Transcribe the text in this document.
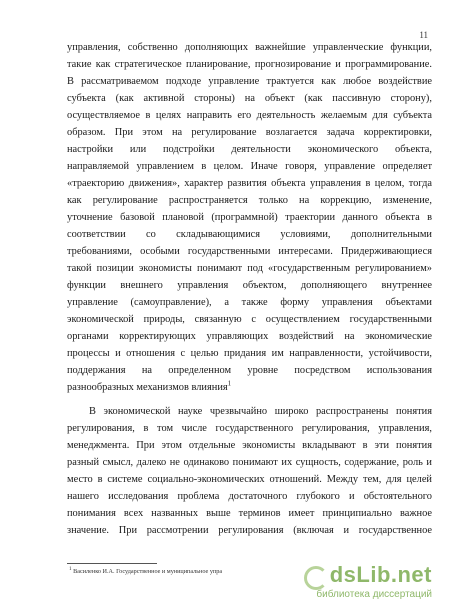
11
управления, собственно дополняющих важнейшие управленческие функции,
такие как стратегическое планирование, прогнозирование и программирование.
В рассматриваемом подходе управление трактуется как любое воздействие
субъекта (как активной стороны) на объект (как пассивную сторону),
осуществляемое в целях направить его деятельность желаемым для субъекта
образом. При этом на регулирование возлагается задача корректировки,
настройки или подстройки деятельности экономического объекта,
направляемой управлением в целом. Иначе говоря, управление определяет
«траекторию движения», характер развития объекта управления в целом, тогда
как регулирование распространяется только на коррекцию, изменение,
уточнение базовой плановой (программной) траектории данного объекта в
соответствии со складывающимися условиями, дополнительными
требованиями, особыми государственными интересами. Придерживающиеся
такой позиции экономисты понимают под «государственным регулированием»
функции внешнего управления объектом, дополняющего внутреннее
управление (самоуправление), а также форму управления объектами
экономической природы, связанную с осуществлением государственными
органами корректирующих управляющих воздействий на экономические
процессы и отношения с целью придания им направленности, устойчивости,
поддержания на определенном уровне посредством использования
разнообразных механизмов влияния$^1$
В экономической науке чрезвычайно широко распространены понятия
регулирования, в том числе государственного регулирования, управления,
менеджмента. При этом отдельные экономисты вкладывают в эти понятия
разный смысл, далеко не одинаково понимают их сущность, содержание, роль и
место в системе социально-экономических отношений. Между тем, для целей
нашего исследования проблема достаточного глубокого и обстоятельного
понимания всех названных выше терминов имеет принципиально важное
значение. При рассмотрении регулирования (включая и государственное
$^1$ Василенко И.А. Государственное и муниципальное упра	dsLib.net
библиотека диссертаций
